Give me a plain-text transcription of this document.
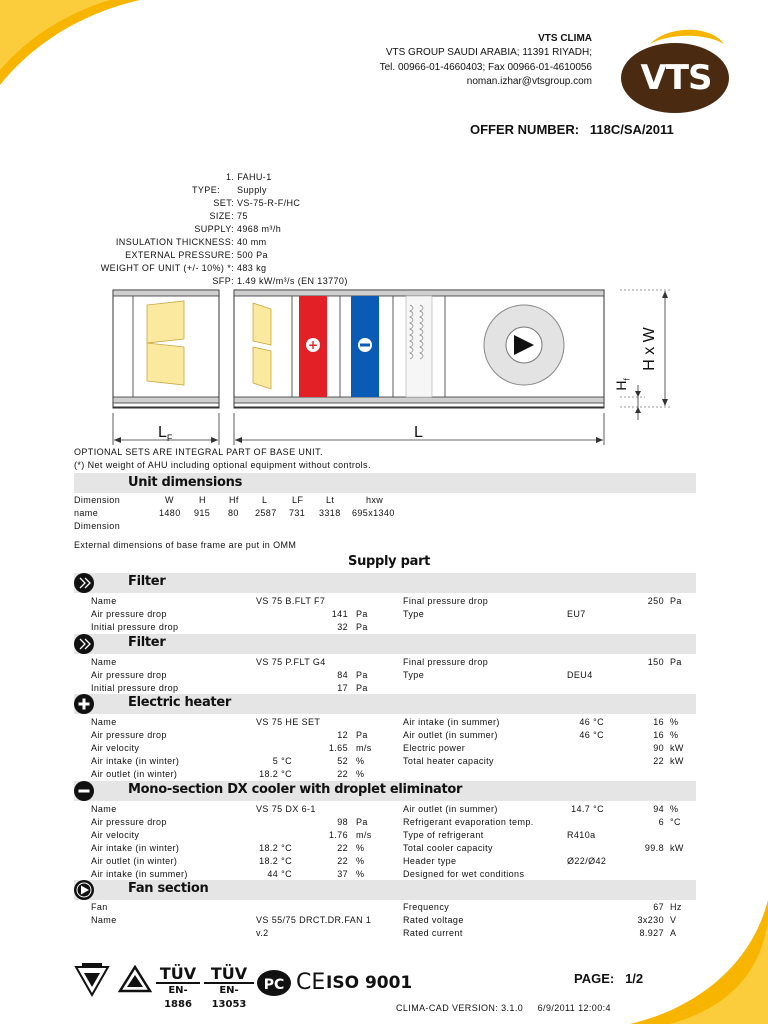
VTS CLIMA
VTS GROUP SAUDI ARABIA; 11391 RIYADH;
Tel. 00966-01-4660403; Fax 00966-01-4610056
noman.izhar@vtsgroup.com	VTS
OFFER NUMBER: 118C/SA/2011
1. FAHU-1
TYPE: Supply
SET: VS-75-R-F/HC
SIZE: 75
SUPPLY: 4968 m³/h
INSULATION THICKNESS: 40 mm
EXTERNAL PRESSURE: 500 Pa
WEIGHT OF UNIT (+/- 10%) *: 483 kg
SFP: 1.49 kW/m³/s (EN 13770)
+
$L_F$	L
H x W
$H_f$
OPTIONAL SETS ARE INTEGRAL PART OF BASE UNIT.
(*) Net weight of AHU including optional equipment without controls.
Unit dimensions
Dimension
name
Dimension
W	H	Hf	L	LF	Lt	hxw
1480 915 80 2587 731 3318 695x1340
External dimensions of base frame are put in OMM
Supply part
Filter
Name	VS 75 B.FLT F7
Air pressure drop	141 Pa
Initial pressure drop	32 Pa
Final pressure drop	250 Pa
Type	EU7
Filter
Name	VS 75 P.FLT G4
Air pressure drop	84 Pa
Initial pressure drop	17 Pa
Final pressure drop	150 Pa
Type	DEU4
Electric heater
Name	VS 75 HE SET
Air pressure drop	12 Pa
Air velocity	1.65 m/s
Air intake (in winter)	5 °C	52 %
Air outlet (in winter)	18.2 °C	22 %
Air intake (in summer)	46 °C	16 %
Air outlet (in summer)	46 °C	16 %
Electric power	90 kW
Total heater capacity	22 kW
Mono-section DX cooler with droplet eliminator
Name	VS 75 DX 6-1
Air pressure drop	98 Pa
Air velocity	1.76 m/s
Air intake (in winter)	18.2 °C	22 %
Air outlet (in winter)	18.2 °C	22 %
Air intake (in summer)	44 °C	37 %
Air outlet (in summer)	14.7 °C	94 %
Refrigerant evaporation temp.	6 °C
Type of refrigerant	R410a
Total cooler capacity	99.8 kW
Header type	Ø22/Ø42
Designed for wet conditions
Fan section
Fan
Name	VS 55/75 DRCT.DR.FAN 1
v.2
Frequency	67 Hz
Rated voltage	3x230 V
Rated current	8.927 A
TÜV
EN-1886
TÜV
EN-13053
PC CE ISO 9001	PAGE: 1/2
CLIMA-CAD VERSION: 3.1.0     6/9/2011 12:00:4
